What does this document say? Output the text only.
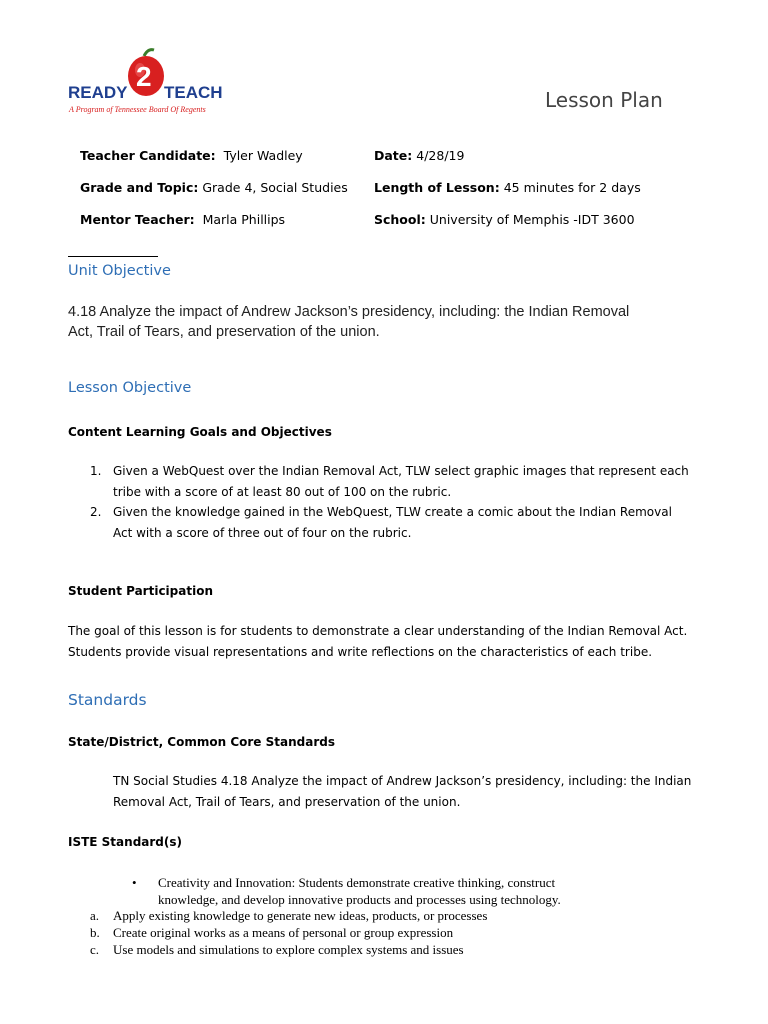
2
READY TEACH
A Program of Tennessee Board Of Regents	Lesson Plan
Teacher Candidate: Tyler Wadley
Grade and Topic: Grade 4, Social Studies
Mentor Teacher: Marla Phillips
Date: 4/28/19
Length of Lesson: 45 minutes for 2 days
School: University of Memphis -IDT 3600
Unit Objective
4.18 Analyze the impact of Andrew Jackson’s presidency, including: the Indian Removal
Act, Trail of Tears, and preservation of the union.
Lesson Objective
Content Learning Goals and Objectives
1. Given a WebQuest over the Indian Removal Act, TLW select graphic images that represent each
tribe with a score of at least 80 out of 100 on the rubric.
2. Given the knowledge gained in the WebQuest, TLW create a comic about the Indian Removal
Act with a score of three out of four on the rubric.
Student Participation
The goal of this lesson is for students to demonstrate a clear understanding of the Indian Removal Act.
Students provide visual representations and write reflections on the characteristics of each tribe.
Standards
State/District, Common Core Standards
TN Social Studies 4.18 Analyze the impact of Andrew Jackson’s presidency, including: the Indian
Removal Act, Trail of Tears, and preservation of the union.
ISTE Standard(s)
• Creativity and Innovation: Students demonstrate creative thinking, construct
knowledge, and develop innovative products and processes using technology.
a. Apply existing knowledge to generate new ideas, products, or processes
b. Create original works as a means of personal or group expression
c. Use models and simulations to explore complex systems and issues
